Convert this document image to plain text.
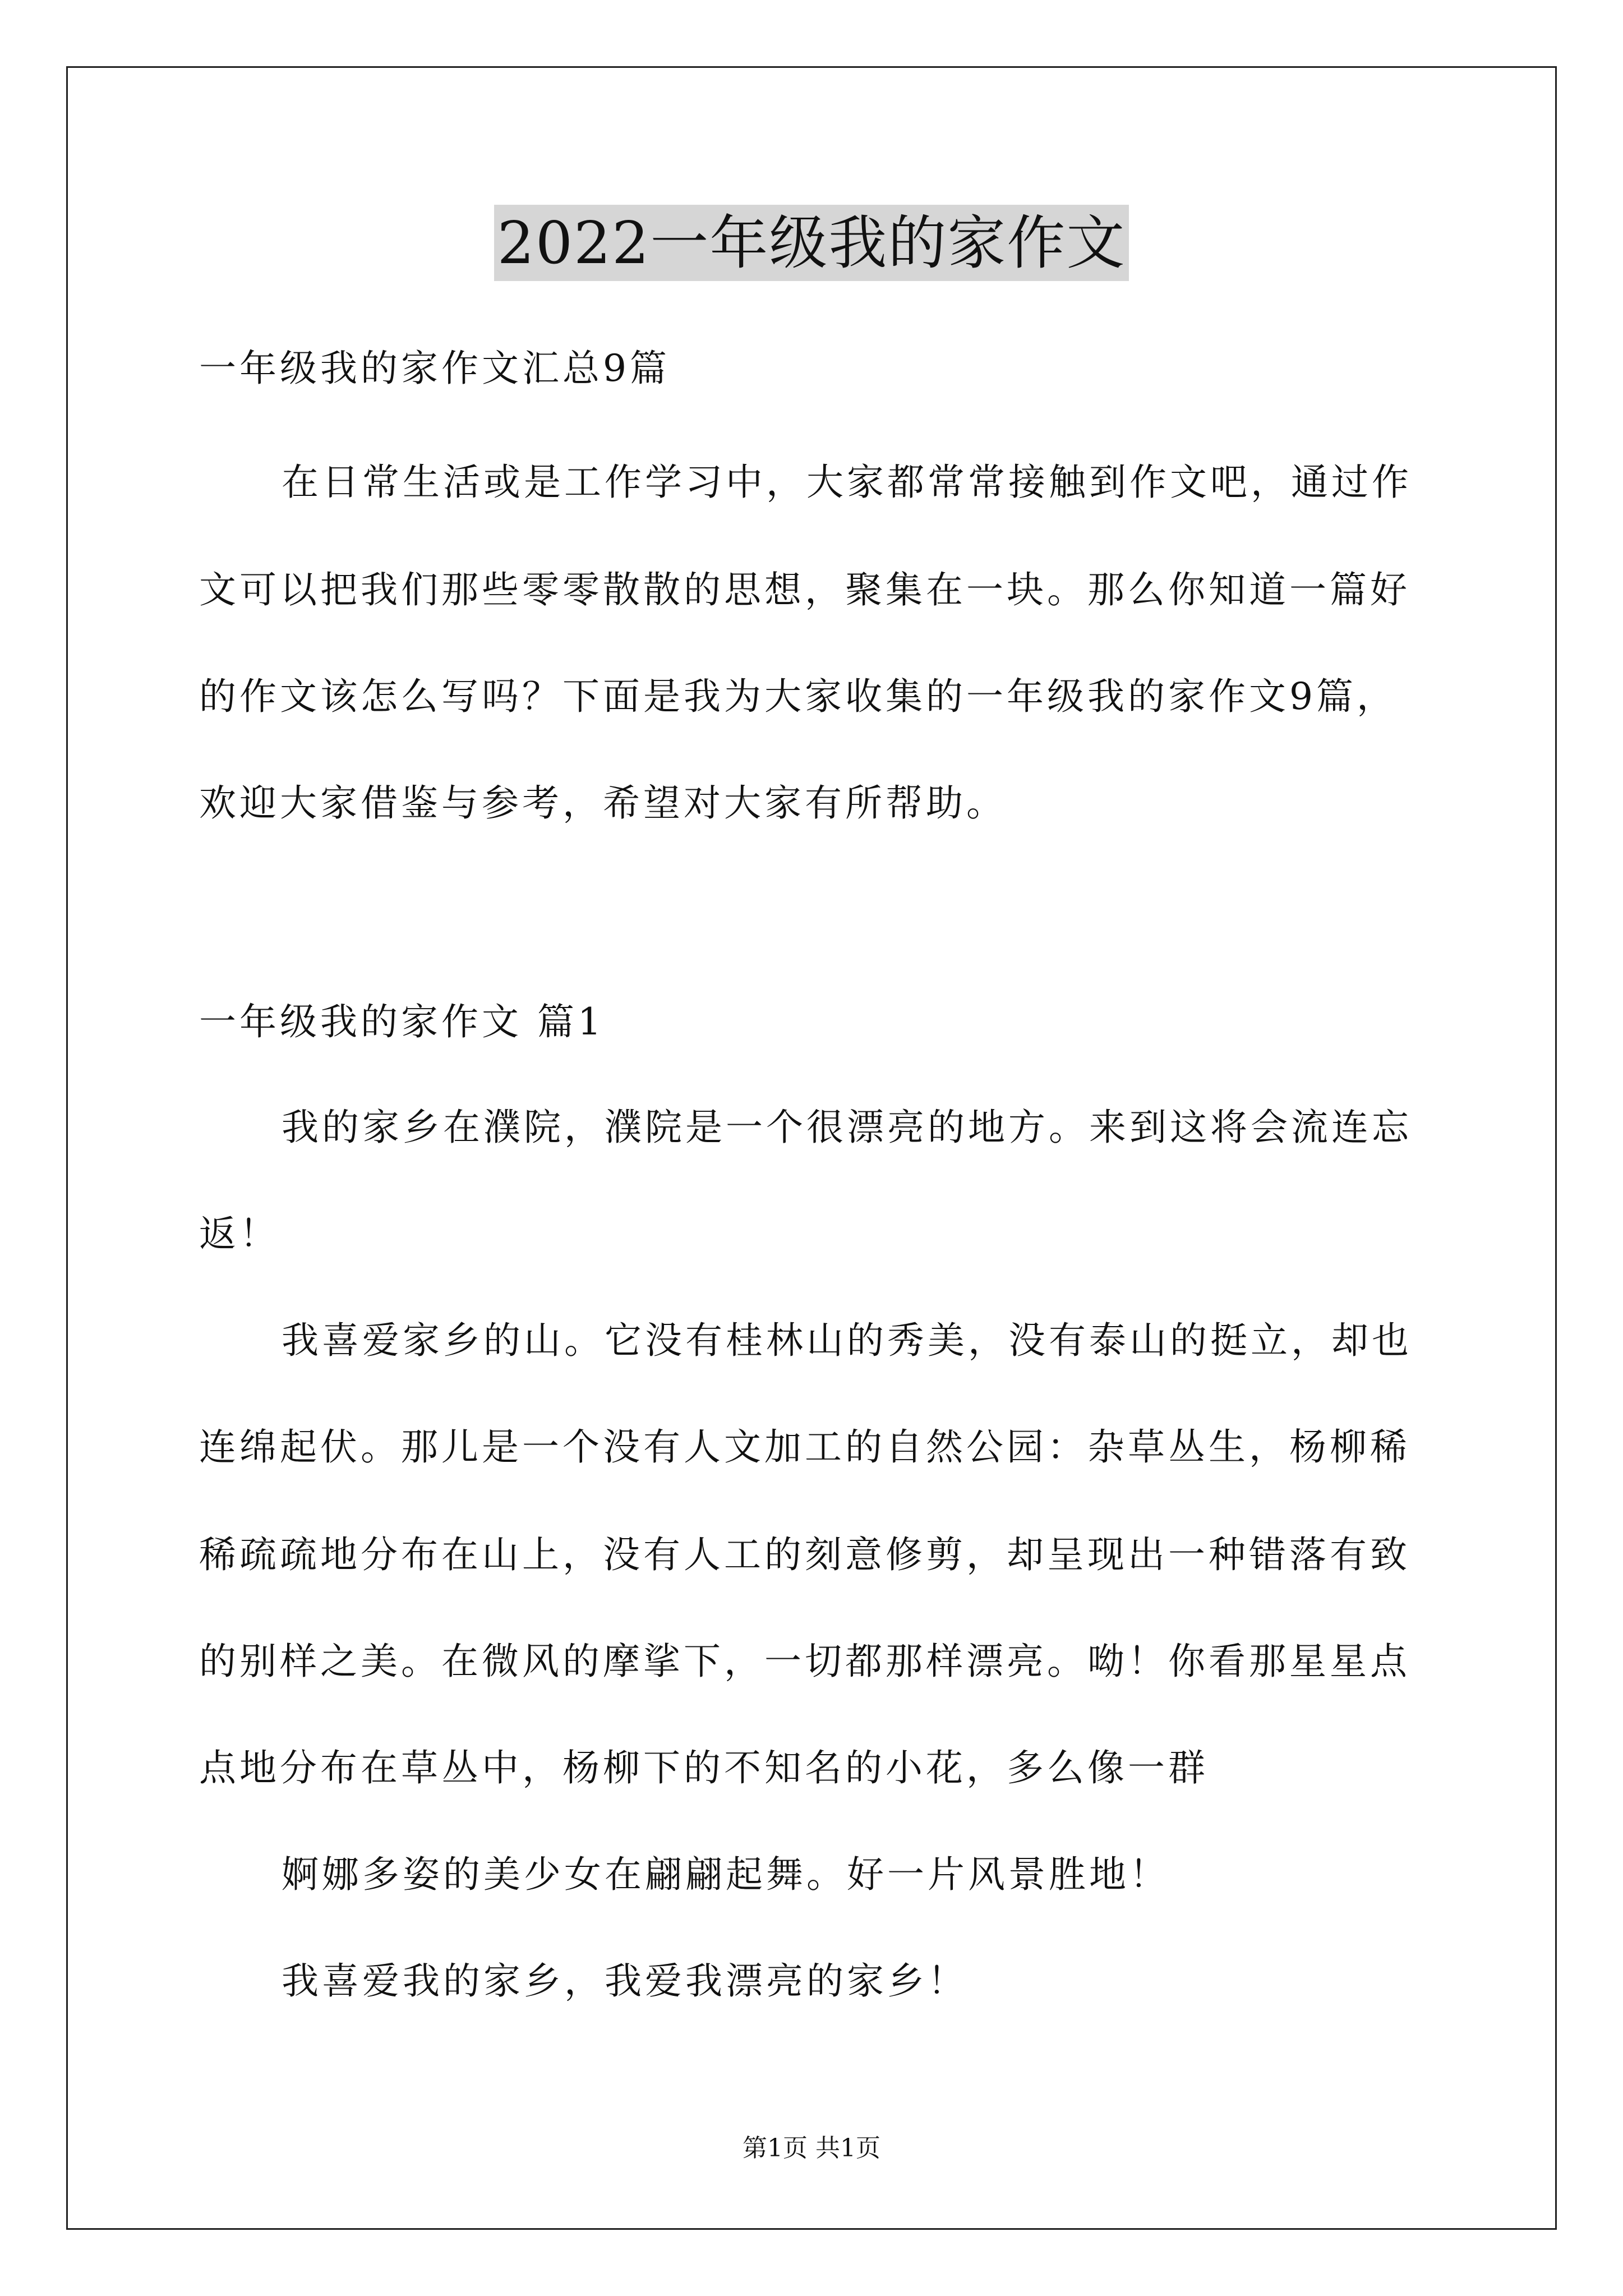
2022一年级我的家作文
一年级我的家作文汇总9篇
在日常生活或是工作学习中，大家都常常接触到作文吧，通过作
文可以把我们那些零零散散的思想，聚集在一块。那么你知道一篇好
的作文该怎么写吗？下面是我为大家收集的一年级我的家作文9篇，
欢迎大家借鉴与参考，希望对大家有所帮助。
一年级我的家作文 篇1
我的家乡在濮院，濮院是一个很漂亮的地方。来到这将会流连忘
返！
我喜爱家乡的山。它没有桂林山的秀美，没有泰山的挺立，却也
连绵起伏。那儿是一个没有人文加工的自然公园：杂草丛生，杨柳稀
稀疏疏地分布在山上，没有人工的刻意修剪，却呈现出一种错落有致
的别样之美。在微风的摩挲下，一切都那样漂亮。呦！你看那星星点
点地分布在草丛中，杨柳下的不知名的小花，多么像一群
婀娜多姿的美少女在翩翩起舞。好一片风景胜地！
我喜爱我的家乡，我爱我漂亮的家乡！
第1页 共1页
